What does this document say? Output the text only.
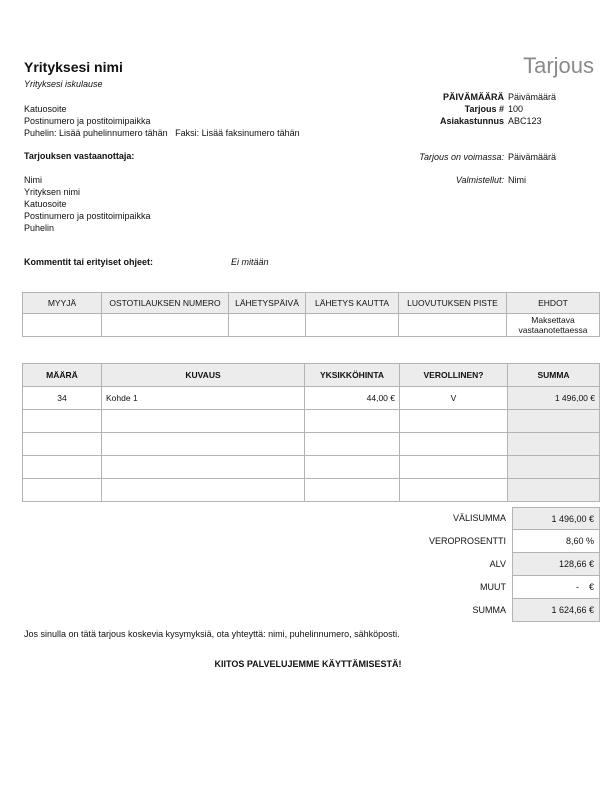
Yrityksesi nimi
Yrityksesi iskulause
Tarjous
Katuosoite
Postinumero ja postitoimipaikka
Puhelin: Lisää puhelinnumero tähän   Faksi: Lisää faksinumero tähän
PÄIVÄMÄÄRÄ Päivämäärä
Tarjous # 100
Asiakastunnus ABC123
Tarjouksen vastaanottaja:
Nimi
Yrityksen nimi
Katuosoite
Postinumero ja postitoimipaikka
Puhelin
Tarjous on voimassa: Päivämäärä
Valmistellut: Nimi
Kommentit tai erityiset ohjeet:	Ei mitään
MYYJÄ	OSTOTILAUKSEN NUMERO	LÄHETYSPÄIVÄ	LÄHETYS KAUTTA	LUOVUTUKSEN PISTE	EHDOT
					Maksettava vastaanotettaessa
MÄÄRÄ	KUVAUS	YKSIKKÖHINTA	VEROLLINEN?	SUMMA
34	Kohde 1	44,00 €	V	1 496,00 €

VÄLISUMMA	1 496,00 €
VEROPROSENTTI	8,60 %
ALV	128,66 €
MUUT	-    €
SUMMA	1 624,66 €
Jos sinulla on tätä tarjous koskevia kysymyksiä, ota yhteyttä: nimi, puhelinnumero, sähköposti.
KIITOS PALVELUJEMME KÄYTTÄMISESTÄ!
